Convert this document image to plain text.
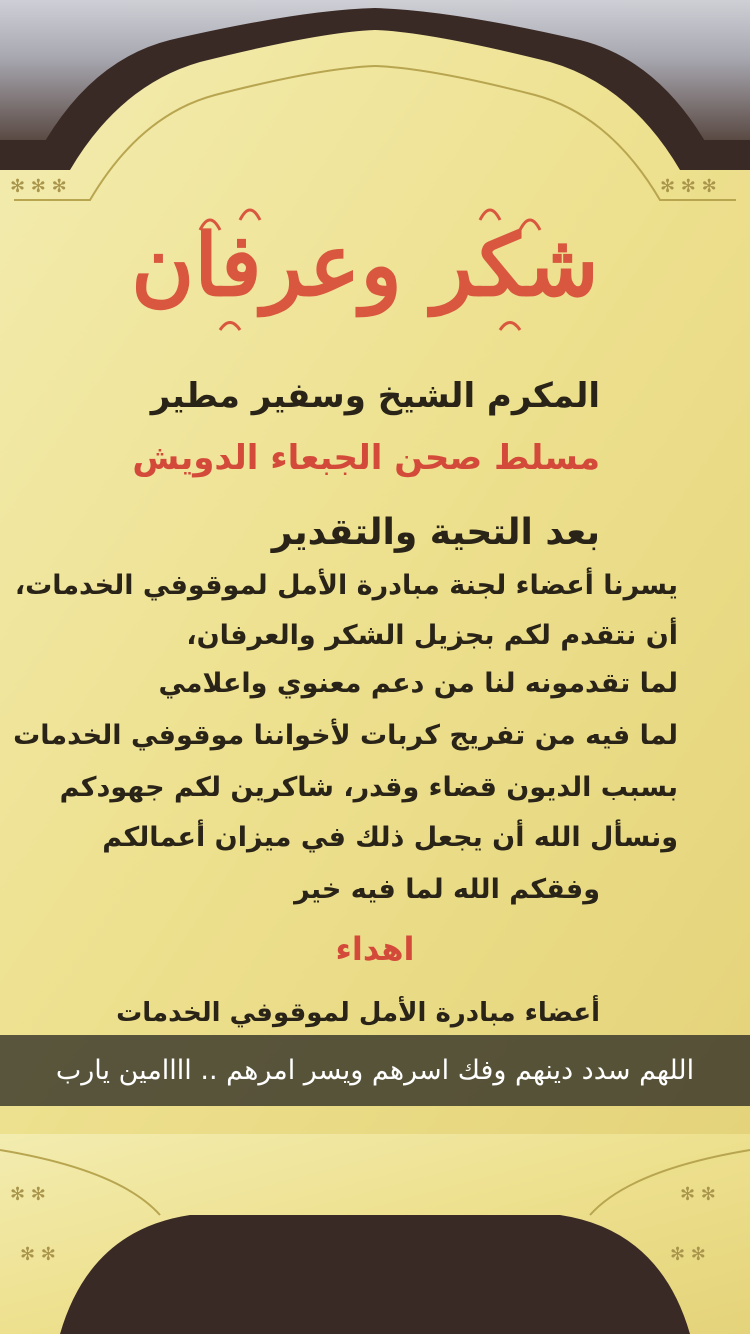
✻ ✻ ✻	✻ ✻ ✻
✻ ✻	✻ ✻
✻ ✻	✻ ✻
شكر وعرفان
المكرم الشيخ وسفير مطير
مسلط صحن الجبعاء الدويش
بعد التحية والتقدير
يسرنا أعضاء لجنة مبادرة الأمل لموقوفي الخدمات،
أن نتقدم لكم بجزيل الشكر والعرفان،
لما تقدمونه لنا من دعم معنوي واعلامي
لما فيه من تفريج كربات لأخواننا موقوفي الخدمات
بسبب الديون قضاء وقدر، شاكرين لكم جهودكم
ونسأل الله أن يجعل ذلك في ميزان أعمالكم
وفقكم الله لما فيه خير
اهداء
أعضاء مبادرة الأمل لموقوفي الخدمات
اللهم سدد دينهم وفك اسرهم ويسر امرهم .. اااامين يارب
